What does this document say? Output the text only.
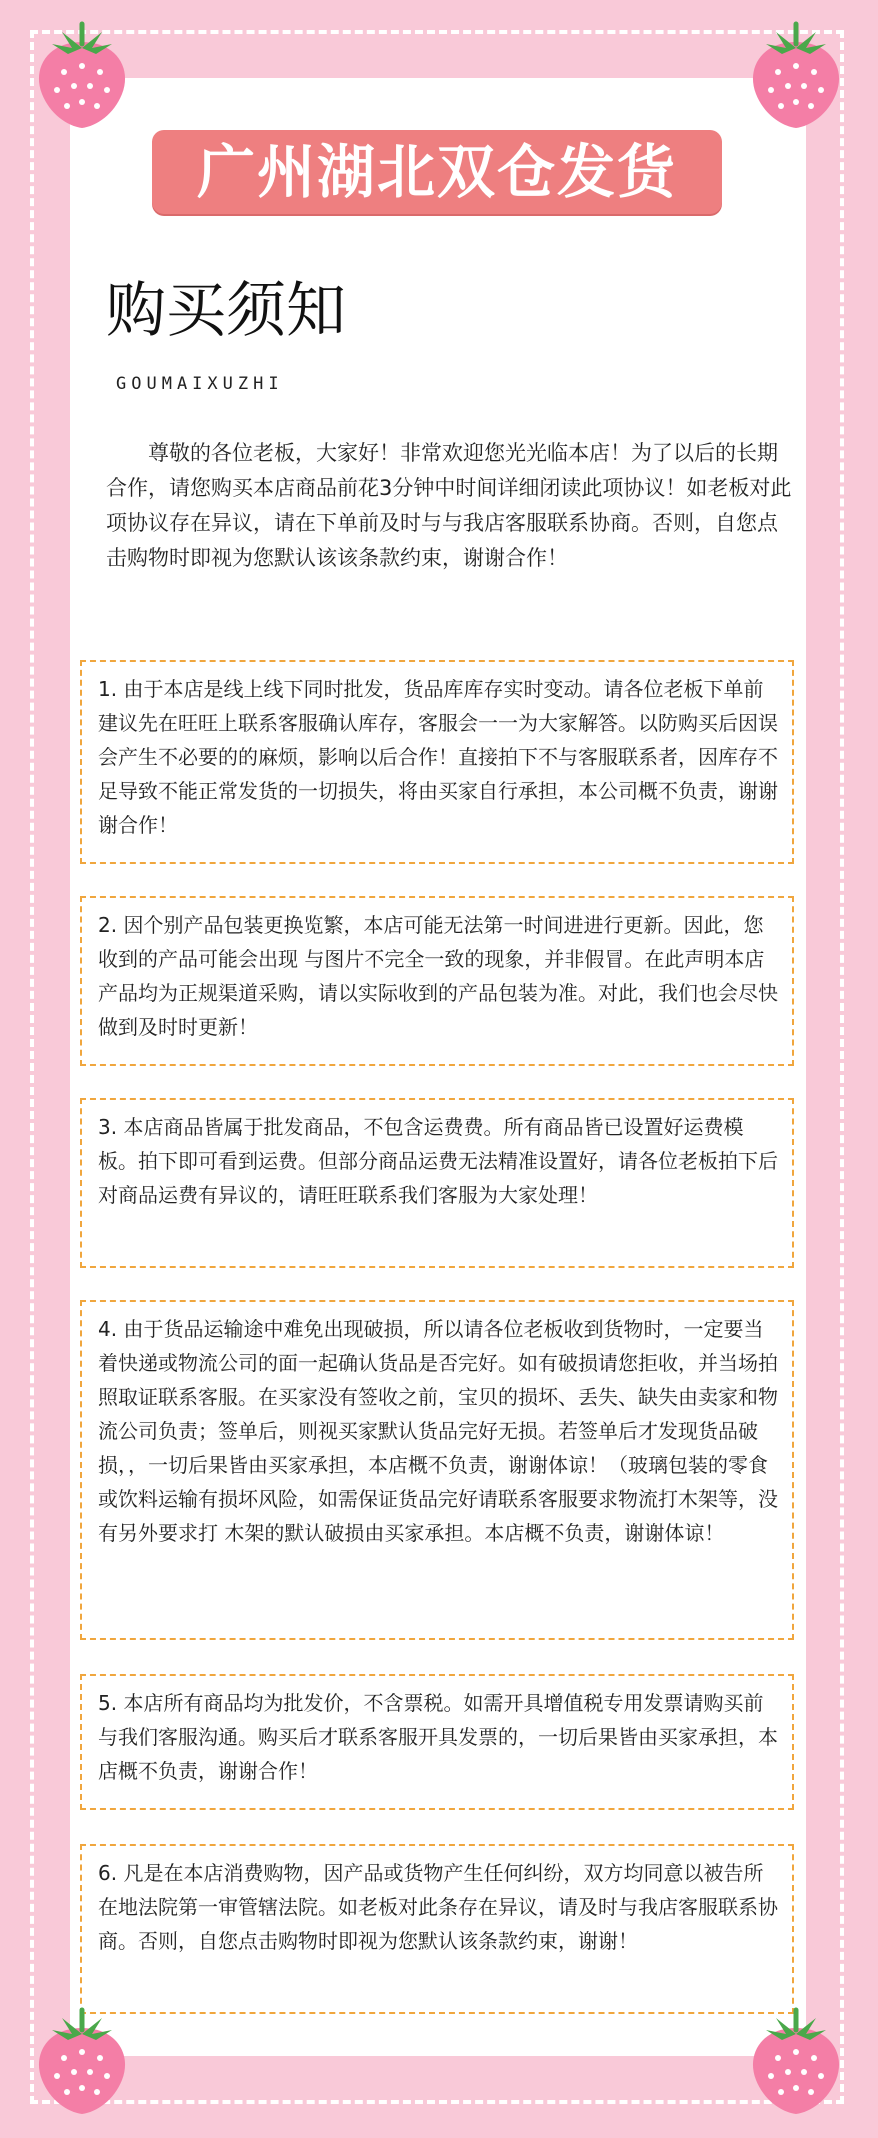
广州湖北双仓发货
购买须知
GOUMAIXUZHI
尊敬的各位老板，大家好！非常欢迎您光光临本店！为了以后的长期合作，请您购买本店商品前花3分钟中时间详细闭读此项协议！如老板对此项协议存在异议，请在下单前及时与与我店客服联系协商。否则，自您点击购物时即视为您默认该该条款约束，谢谢合作！
1. 由于本店是线上线下同时批发，货品库库存实时变动。请各位老板下单前建议先在旺旺上联系客服确认库存，客服会一一为大家解答。以防购买后因误会产生不必要的的麻烦，影响以后合作！直接拍下不与客服联系者，因库存不足导致不能正常发货的一切损失，将由买家自行承担，本公司概不负责，谢谢谢合作！
2. 因个别产品包装更换览繁，本店可能无法第一时间进进行更新。因此，您收到的产品可能会出现 与图片不完全一致的现象，并非假冒。在此声明本店产品均为正规渠道采购，请以实际收到的产品包装为准。对此，我们也会尽快做到及时时更新！
3. 本店商品皆属于批发商品，不包含运费费。所有商品皆已设置好运费模板。拍下即可看到运费。但部分商品运费无法精准设置好，请各位老板拍下后对商品运费有异议的，请旺旺联系我们客服为大家处理！
4. 由于货品运输途中难免出现破损，所以请各位老板收到货物时，一定要当着快递或物流公司的面一起确认货品是否完好。如有破损请您拒收，并当场拍照取证联系客服。在买家没有签收之前，宝贝的损坏、丢失、缺失由卖家和物流公司负责；签单后，则视买家默认货品完好无损。若签单后才发现货品破损，，一切后果皆由买家承担，本店概不负责，谢谢体谅！（玻璃包装的零食或饮料运输有损坏风险，如需保证货品完好请联系客服要求物流打木架等，没有另外要求打 木架的默认破损由买家承担。本店概不负责，谢谢体谅！
5. 本店所有商品均为批发价，不含票税。如需开具增值税专用发票请购买前与我们客服沟通。购买后才联系客服开具发票的，一切后果皆由买家承担，本店概不负责，谢谢合作！
6. 凡是在本店消费购物，因产品或货物产生任何纠纷，双方均同意以被告所在地法院第一审管辖法院。如老板对此条存在异议，请及时与我店客服联系协商。否则，自您点击购物时即视为您默认该条款约束，谢谢！
